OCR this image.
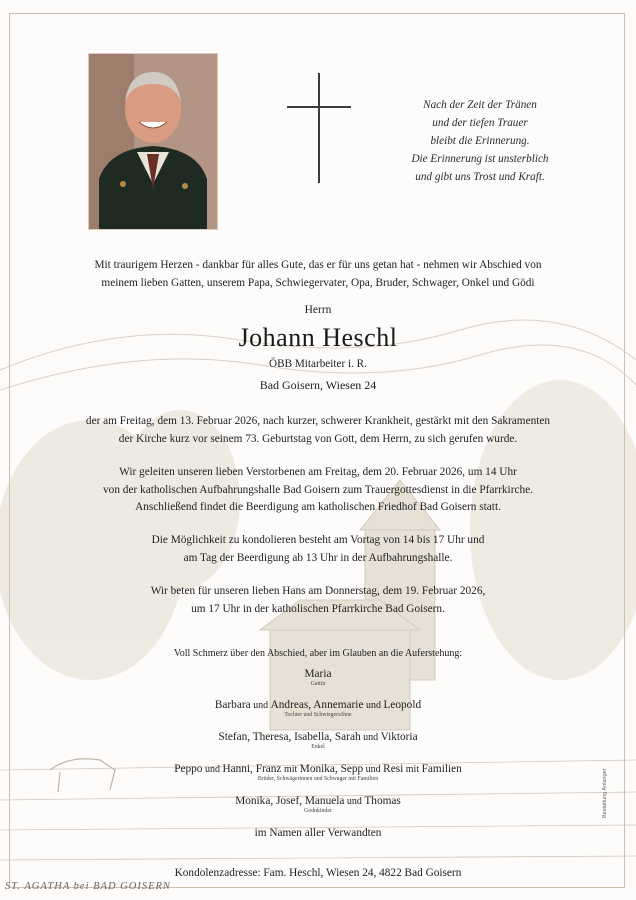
Nach der Zeit der Tränen
und der tiefen Trauer
bleibt die Erinnerung.
Die Erinnerung ist unsterblich
und gibt uns Trost und Kraft.
Mit traurigem Herzen - dankbar für alles Gute, das er für uns getan hat - nehmen wir Abschied von
meinem lieben Gatten, unserem Papa, Schwiegervater, Opa, Bruder, Schwager, Onkel und Gödi
Herrn
Johann Heschl
ÖBB Mitarbeiter i. R.
Bad Goisern, Wiesen 24
der am Freitag, dem 13. Februar 2026, nach kurzer, schwerer Krankheit, gestärkt mit den Sakramenten
der Kirche kurz vor seinem 73. Geburtstag von Gott, dem Herrn, zu sich gerufen wurde.
Wir geleiten unseren lieben Verstorbenen am Freitag, dem 20. Februar 2026, um 14 Uhr
von der katholischen Aufbahrungshalle Bad Goisern zum Trauergottesdienst in die Pfarrkirche.
Anschließend findet die Beerdigung am katholischen Friedhof Bad Goisern statt.
Die Möglichkeit zu kondolieren besteht am Vortag von 14 bis 17 Uhr und
am Tag der Beerdigung ab 13 Uhr in der Aufbahrungshalle.
Wir beten für unseren lieben Hans am Donnerstag, dem 19. Februar 2026,
um 17 Uhr in der katholischen Pfarrkirche Bad Goisern.
Voll Schmerz über den Abschied, aber im Glauben an die Auferstehung:
Maria
Gattin
Barbara und Andreas, Annemarie und Leopold
Tochter und Schwiegersöhne
Stefan, Theresa, Isabella, Sarah und Viktoria
Enkel
Peppo und Hanni, Franz mit Monika, Sepp und Resi mit Familien
Brüder, Schwägerinnen und Schwager mit Familien
Monika, Josef, Manuela und Thomas
Godnkinder
im Namen aller Verwandten
Kondolenzadresse: Fam. Heschl, Wiesen 24, 4822 Bad Goisern
ST. AGATHA bei BAD GOISERN
Bestattung Anlanger
